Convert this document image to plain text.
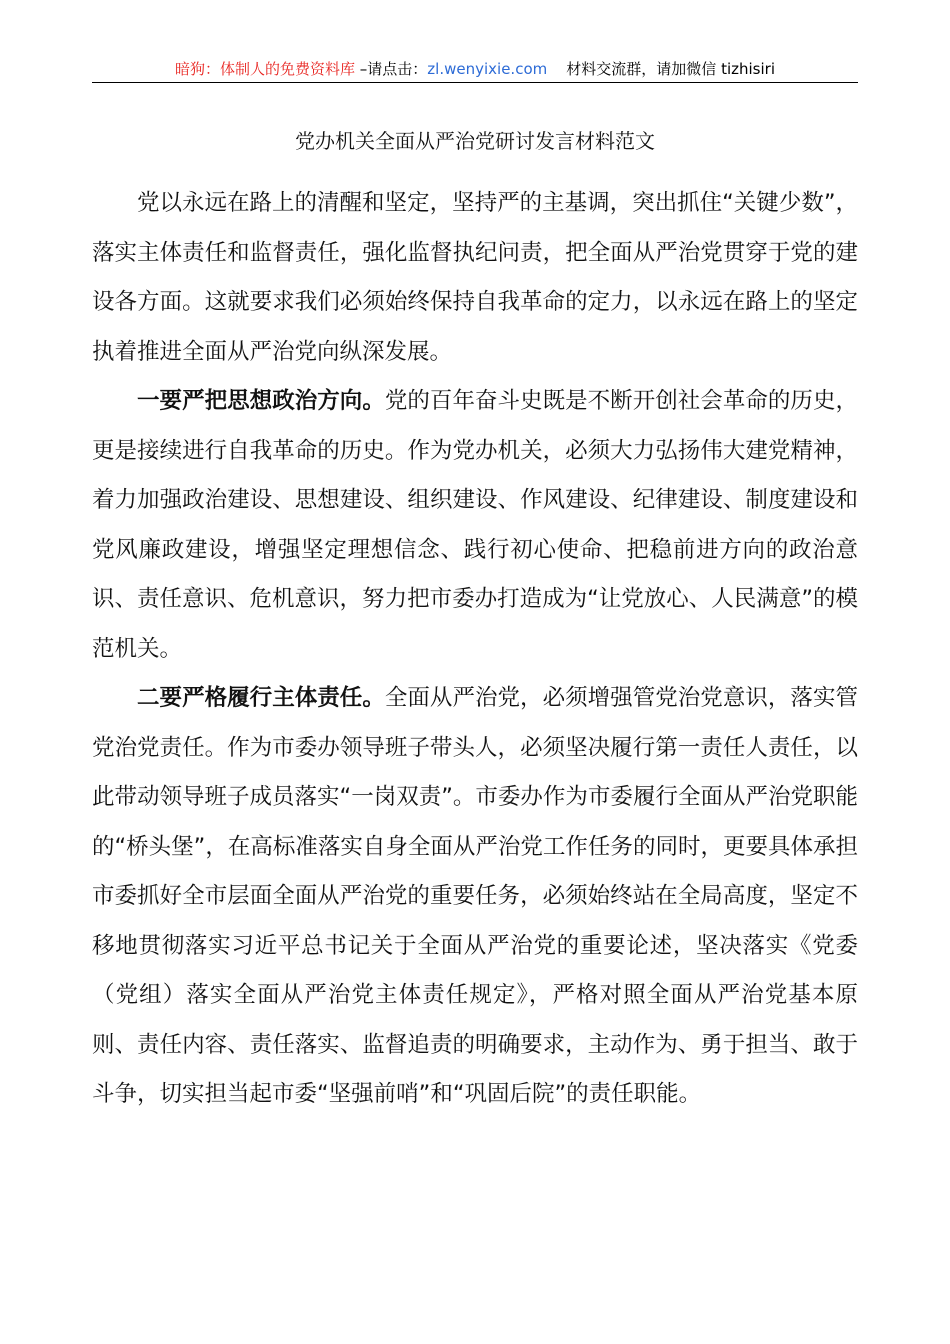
暗狗：体制人的免费资料库 –请点击：zl.wenyixie.com    材料交流群，请加微信 tizhisiri
党办机关全面从严治党研讨发言材料范文

党以永远在路上的清醒和坚定，坚持严的主基调，突出抓住“关键少数”，落实主体责任和监督责任，强化监督执纪问责，把全面从严治党贯穿于党的建设各方面。这就要求我们必须始终保持自我革命的定力，以永远在路上的坚定执着推进全面从严治党向纵深发展。

一要严把思想政治方向。党的百年奋斗史既是不断开创社会革命的历史，更是接续进行自我革命的历史。作为党办机关，必须大力弘扬伟大建党精神，着力加强政治建设、思想建设、组织建设、作风建设、纪律建设、制度建设和党风廉政建设，增强坚定理想信念、践行初心使命、把稳前进方向的政治意识、责任意识、危机意识，努力把市委办打造成为“让党放心、人民满意”的模范机关。

二要严格履行主体责任。全面从严治党，必须增强管党治党意识，落实管党治党责任。作为市委办领导班子带头人，必须坚决履行第一责任人责任，以此带动领导班子成员落实“一岗双责”。市委办作为市委履行全面从严治党职能的“桥头堡”，在高标准落实自身全面从严治党工作任务的同时，更要具体承担市委抓好全市层面全面从严治党的重要任务，必须始终站在全局高度，坚定不移地贯彻落实习近平总书记关于全面从严治党的重要论述，坚决落实《党委（党组）落实全面从严治党主体责任规定》，严格对照全面从严治党基本原则、责任内容、责任落实、监督追责的明确要求，主动作为、勇于担当、敢于斗争，切实担当起市委“坚强前哨”和“巩固后院”的责任职能。
